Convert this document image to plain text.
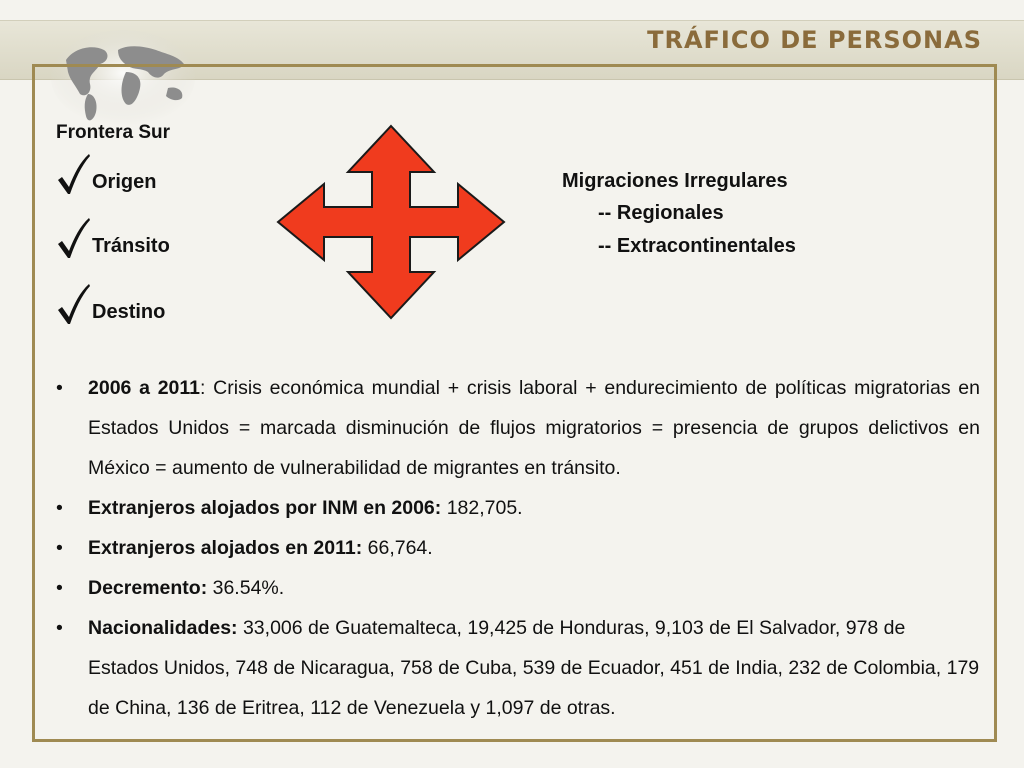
TRÁFICO DE PERSONAS
Frontera Sur
Origen
Tránsito
Destino
Migraciones Irregulares
-- Regionales
-- Extracontinentales
• 2006 a 2011: Crisis económica mundial + crisis laboral + endurecimiento de políticas migratorias en Estados Unidos = marcada disminución de flujos migratorios = presencia de grupos delictivos en México = aumento de vulnerabilidad de migrantes en tránsito.
• Extranjeros alojados por INM en 2006: 182,705.
• Extranjeros alojados en 2011: 66,764.
• Decremento: 36.54%.
• Nacionalidades: 33,006 de Guatemalteca, 19,425 de Honduras, 9,103 de El Salvador, 978 de Estados Unidos, 748 de Nicaragua, 758 de Cuba, 539 de Ecuador, 451 de India, 232 de Colombia, 179 de China, 136 de Eritrea, 112 de Venezuela y 1,097 de otras.
